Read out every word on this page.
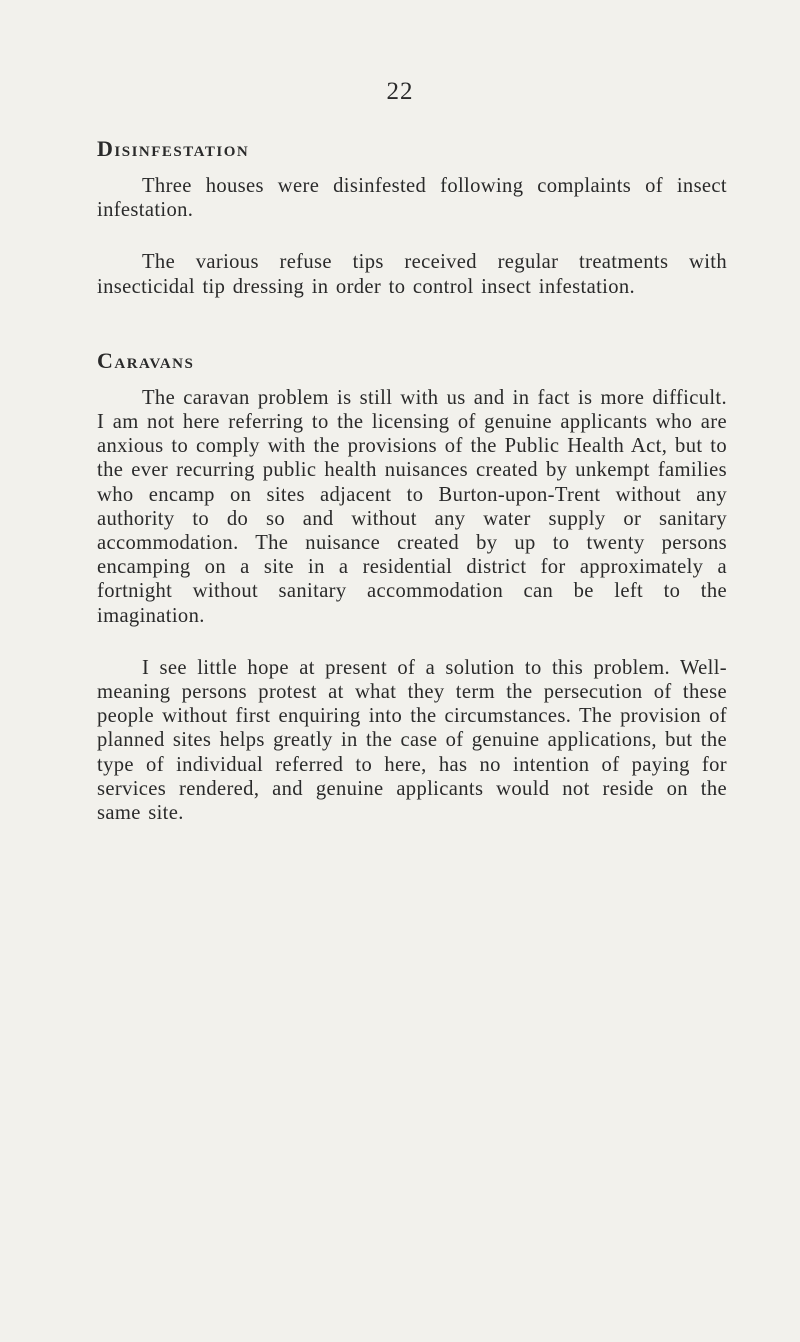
22
Disinfestation

Three houses were disinfested following complaints of insect infestation.

The various refuse tips received regular treatments with insecticidal tip dressing in order to control insect infestation.

Caravans

The caravan problem is still with us and in fact is more difficult. I am not here referring to the licensing of genuine applicants who are anxious to comply with the provisions of the Public Health Act, but to the ever recurring public health nuisances created by unkempt families who encamp on sites adjacent to Burton-upon-Trent without any authority to do so and without any water supply or sanitary accommodation. The nuisance created by up to twenty persons encamping on a site in a residential district for approximately a fortnight without sanitary accommodation can be left to the imagination.

I see little hope at present of a solution to this problem. Well-meaning persons protest at what they term the persecution of these people without first enquiring into the circumstances. The provision of planned sites helps greatly in the case of genuine applications, but the type of individual referred to here, has no intention of paying for services rendered, and genuine applicants would not reside on the same site.
